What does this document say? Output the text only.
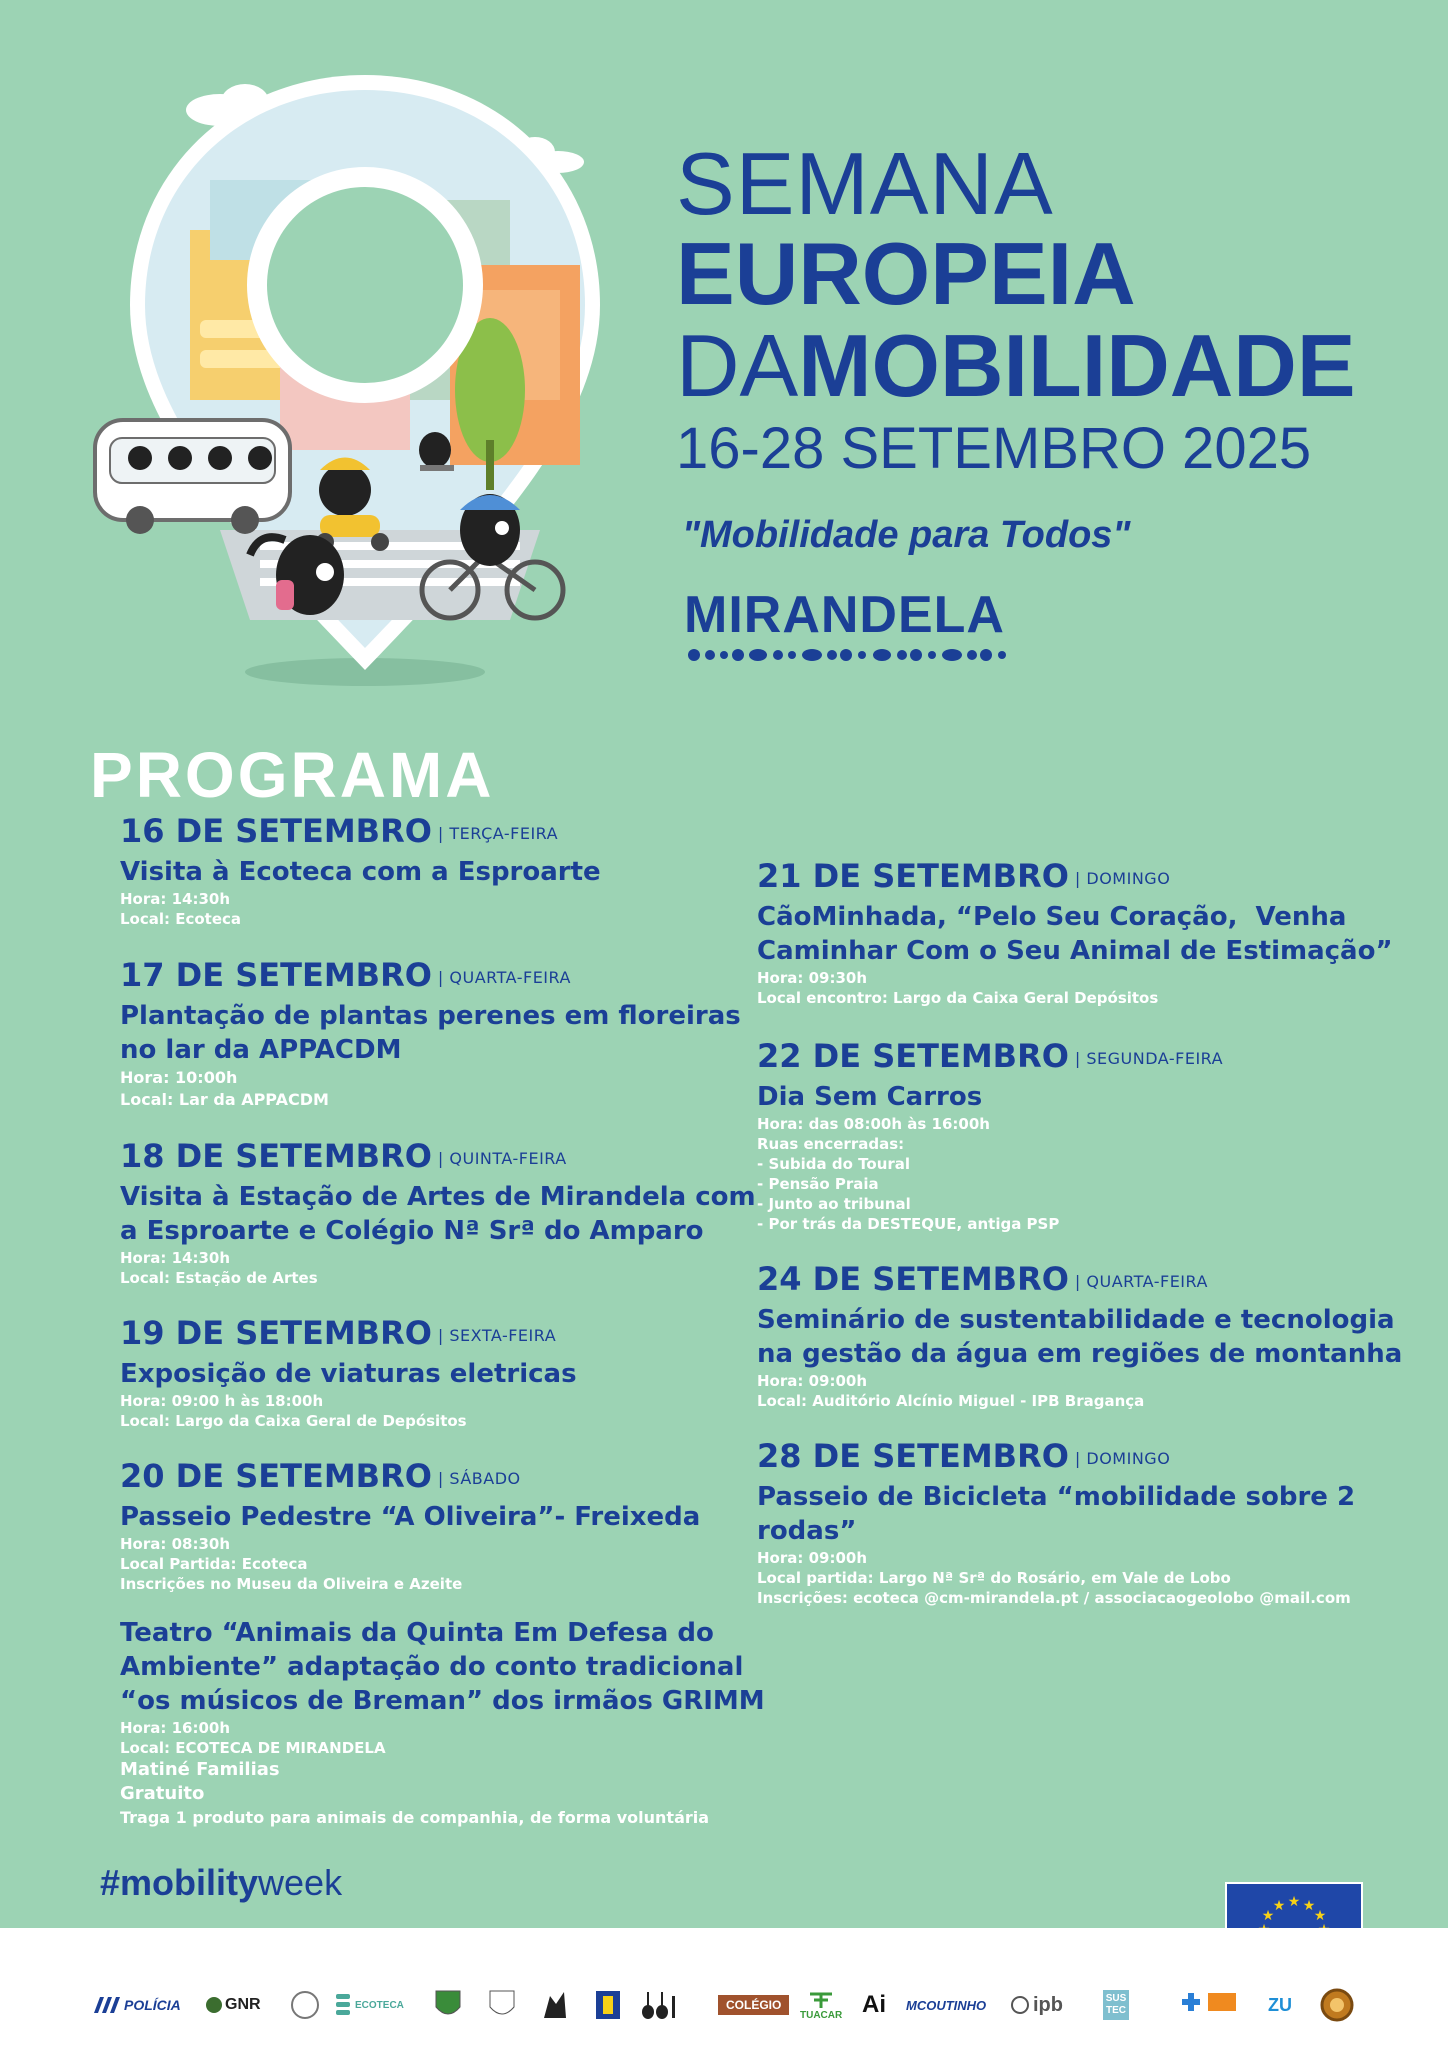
SEMANA
EUROPEIA
DAMOBILIDADE
16-28 SETEMBRO 2025
"Mobilidade para Todos"
MIRANDELA
PROGRAMA
16 DE SETEMBRO | TERÇA-FEIRA
Visita à Ecoteca com a Esproarte
Hora: 14:30h
Local: Ecoteca
17 DE SETEMBRO | QUARTA-FEIRA
Plantação de plantas perenes em floreiras
no lar da APPACDM
Hora: 10:00h
Local: Lar da APPACDM
18 DE SETEMBRO | QUINTA-FEIRA
Visita à Estação de Artes de Mirandela com
a Esproarte e Colégio Nª Srª do Amparo
Hora: 14:30h
Local: Estação de Artes
19 DE SETEMBRO | SEXTA-FEIRA
Exposição de viaturas eletricas
Hora: 09:00 h às 18:00h
Local: Largo da Caixa Geral de Depósitos
20 DE SETEMBRO | SÁBADO
Passeio Pedestre “A Oliveira”- Freixeda
Hora: 08:30h
Local Partida: Ecoteca
Inscrições no Museu da Oliveira e Azeite
Teatro “Animais da Quinta Em Defesa do
Ambiente” adaptação do conto tradicional
“os músicos de Breman” dos irmãos GRIMM
Hora: 16:00h
Local: ECOTECA DE MIRANDELA
Matiné Familias
Gratuito
Traga 1 produto para animais de companhia, de forma voluntária
21 DE SETEMBRO | DOMINGO
CãoMinhada, “Pelo Seu Coração,  Venha
Caminhar Com o Seu Animal de Estimação”
Hora: 09:30h
Local encontro: Largo da Caixa Geral Depósitos
22 DE SETEMBRO | SEGUNDA-FEIRA
Dia Sem Carros
Hora: das 08:00h às 16:00h
Ruas encerradas:
- Subida do Toural
- Pensão Praia
- Junto ao tribunal
- Por trás da DESTEQUE, antiga PSP
24 DE SETEMBRO | QUARTA-FEIRA
Seminário de sustentabilidade e tecnologia
na gestão da água em regiões de montanha
Hora: 09:00h
Local: Auditório Alcínio Miguel - IPB Bragança
28 DE SETEMBRO | DOMINGO
Passeio de Bicicleta “mobilidade sobre 2
rodas”
Hora: 09:00h
Local partida: Largo Nª Srª do Rosário, em Vale de Lobo
Inscrições: ecoteca @cm-mirandela.pt / associacaogeolobo @mail.com
#mobilityweek	★ ★
★
★
★
POLÍCIA	GNR	ECOTECA	COLÉGIO
TUACAR Ai MCOUTINHO ipb	SUS TEC	ZU
